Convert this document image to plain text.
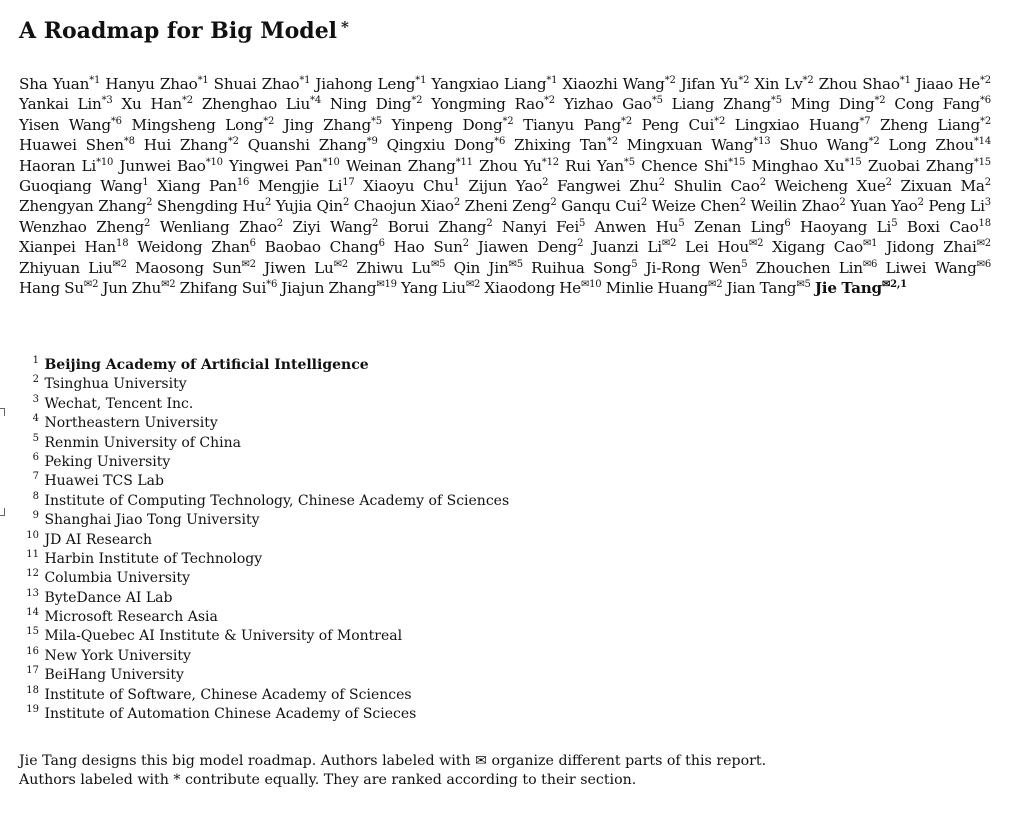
A Roadmap for Big Model *
Sha Yuan$^{*1}$ Hanyu Zhao$^{*1}$ Shuai Zhao$^{*1}$ Jiahong Leng$^{*1}$ Yangxiao Liang$^{*1}$ Xiaozhi Wang$^{*2}$ Jifan Yu$^{*2}$ Xin Lv$^{*2}$ Zhou Shao$^{*1}$ Jiaao He$^{*2}$ Yankai Lin$^{*3}$ Xu Han$^{*2}$ Zhenghao Liu$^{*4}$ Ning Ding$^{*2}$ Yongming Rao$^{*2}$ Yizhao Gao$^{*5}$ Liang Zhang$^{*5}$ Ming Ding$^{*2}$ Cong Fang$^{*6}$ Yisen Wang$^{*6}$ Mingsheng Long$^{*2}$ Jing Zhang$^{*5}$ Yinpeng Dong$^{*2}$ Tianyu Pang$^{*2}$ Peng Cui$^{*2}$ Lingxiao Huang$^{*7}$ Zheng Liang$^{*2}$ Huawei Shen$^{*8}$ Hui Zhang$^{*2}$ Quanshi Zhang$^{*9}$ Qingxiu Dong$^{*6}$ Zhixing Tan$^{*2}$ Mingxuan Wang$^{*13}$ Shuo Wang$^{*2}$ Long Zhou$^{*14}$ Haoran Li$^{*10}$ Junwei Bao$^{*10}$ Yingwei Pan$^{*10}$ Weinan Zhang$^{*11}$ Zhou Yu$^{*12}$ Rui Yan$^{*5}$ Chence Shi$^{*15}$ Minghao Xu$^{*15}$ Zuobai Zhang$^{*15}$ Guoqiang Wang$^1$ Xiang Pan$^{16}$ Mengjie Li$^{17}$ Xiaoyu Chu$^1$ Zijun Yao$^2$ Fangwei Zhu$^2$ Shulin Cao$^2$ Weicheng Xue$^2$ Zixuan Ma$^2$ Zhengyan Zhang$^2$ Shengding Hu$^2$ Yujia Qin$^2$ Chaojun Xiao$^2$ Zheni Zeng$^2$ Ganqu Cui$^2$ Weize Chen$^2$ Weilin Zhao$^2$ Yuan Yao$^2$ Peng Li$^3$ Wenzhao Zheng$^2$ Wenliang Zhao$^2$ Ziyi Wang$^2$ Borui Zhang$^2$ Nanyi Fei$^5$ Anwen Hu$^5$ Zenan Ling$^6$ Haoyang Li$^5$ Boxi Cao$^{18}$ Xianpei Han$^{18}$ Weidong Zhan$^6$ Baobao Chang$^6$ Hao Sun$^2$ Jiawen Deng$^2$ Juanzi $Li^{✉2}$ Lei Hou$^{✉2}$ Xigang Cao$^{✉1}$ Jidong Zhai$^{✉2}$ Zhiyuan Liu$^{✉2}$ Maosong Sun$^{✉2}$ Jiwen $Lu^{✉2}$ Zhiwu $Lu^{✉5}$ Qin Jin$^{✉5}$ Ruihua Song$^5$ Ji-Rong Wen$^5$ Zhouchen Lin$^{✉6}$ Liwei Wang$^{✉6}$ Hang $Su^{✉2}$ Jun Zhu$^{✉2}$ Zhifang Sui$^{*6}$ Jiajun Zhang$^{✉19}$ Yang Liu$^{✉2}$ Xiaodong $He^{✉10}$ Minlie Huang$^{✉2}$ Jian Tang$^{✉5}$ Jie Tang$^{✉2,1}$
1 Beijing Academy of Artificial Intelligence
2 Tsinghua University
3 Wechat, Tencent Inc.
4 Northeastern University
5 Renmin University of China
6 Peking University
7 Huawei TCS Lab
8 Institute of Computing Technology, Chinese Academy of Sciences
9 Shanghai Jiao Tong University
10 JD AI Research
11 Harbin Institute of Technology
12 Columbia University
13 ByteDance AI Lab
14 Microsoft Research Asia
15 Mila-Quebec AI Institute & University of Montreal
16 New York University
17 BeiHang University
18 Institute of Software, Chinese Academy of Sciences
19 Institute of Automation Chinese Academy of Scieces

Jie Tang designs this big model roadmap. Authors labeled with ✉ organize different parts of this report.

Authors labeled with * contribute equally. They are ranked according to their section.
